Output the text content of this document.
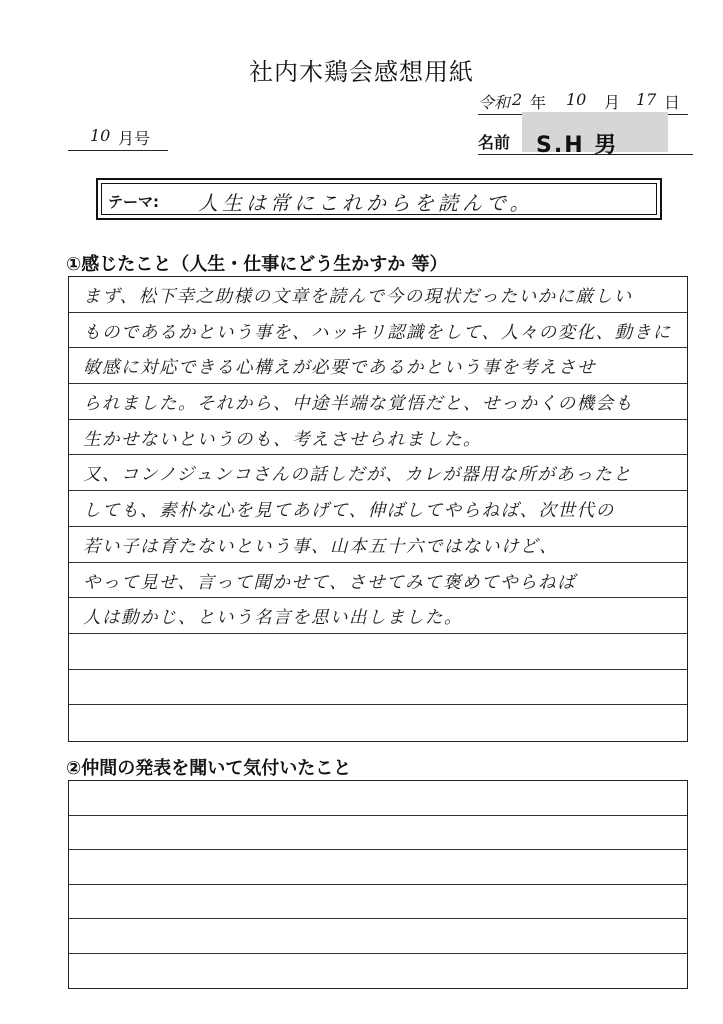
社内木鶏会感想用紙
令和 2 年 10 月 17 日
10 月号	名前 S.H 男
テーマ: 人生は常にこれからを読んで。
①感じたこと（人生・仕事にどう生かすか 等）
まず、松下幸之助様の文章を読んで今の現状だったいかに厳しい
ものであるかという事を、ハッキリ認識をして、人々の変化、動きに
敏感に対応できる心構えが必要であるかという事を考えさせ
られました。それから、中途半端な覚悟だと、せっかくの機会も
生かせないというのも、考えさせられました。
又、コンノジュンコさんの話しだが、カレが器用な所があったと
しても、素朴な心を見てあげて、伸ばしてやらねば、次世代の
若い子は育たないという事、山本五十六ではないけど、
やって見せ、言って聞かせて、させてみて褒めてやらねば
人は動かじ、という名言を思い出しました。
②仲間の発表を聞いて気付いたこと
